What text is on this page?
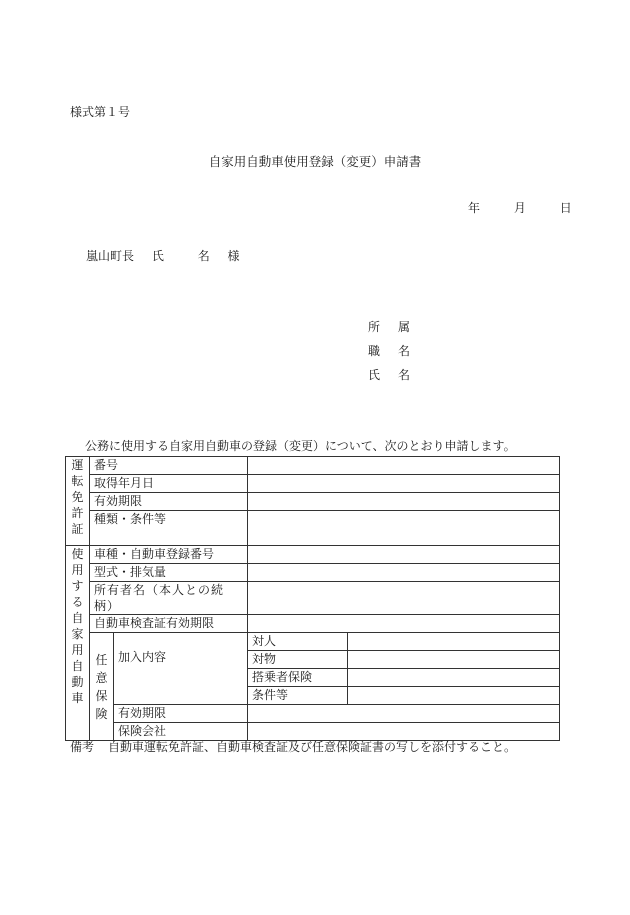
様式第１号
自家用自動車使用登録（変更）申請書
年	月	日
嵐山町長 氏	名 様
所 属
職 名
氏 名
公務に使用する自家用自動車の登録（変更）について、次のとおり申請します。
運転免許証	番号			
	取得年月日			
	有効期限			
	種類・条件等			

使用する自家用自動車	車種・自動車登録番号			
	型式・排気量			
	所有者名（本人との続柄）			
	自動車検査証有効期限			
	任意保険	加入内容	対人	
			対物	
			搭乗者保険	
			条件等	
		有効期限		
		保険会社		
備考 自動車運転免許証、自動車検査証及び任意保険証書の写しを添付すること。
